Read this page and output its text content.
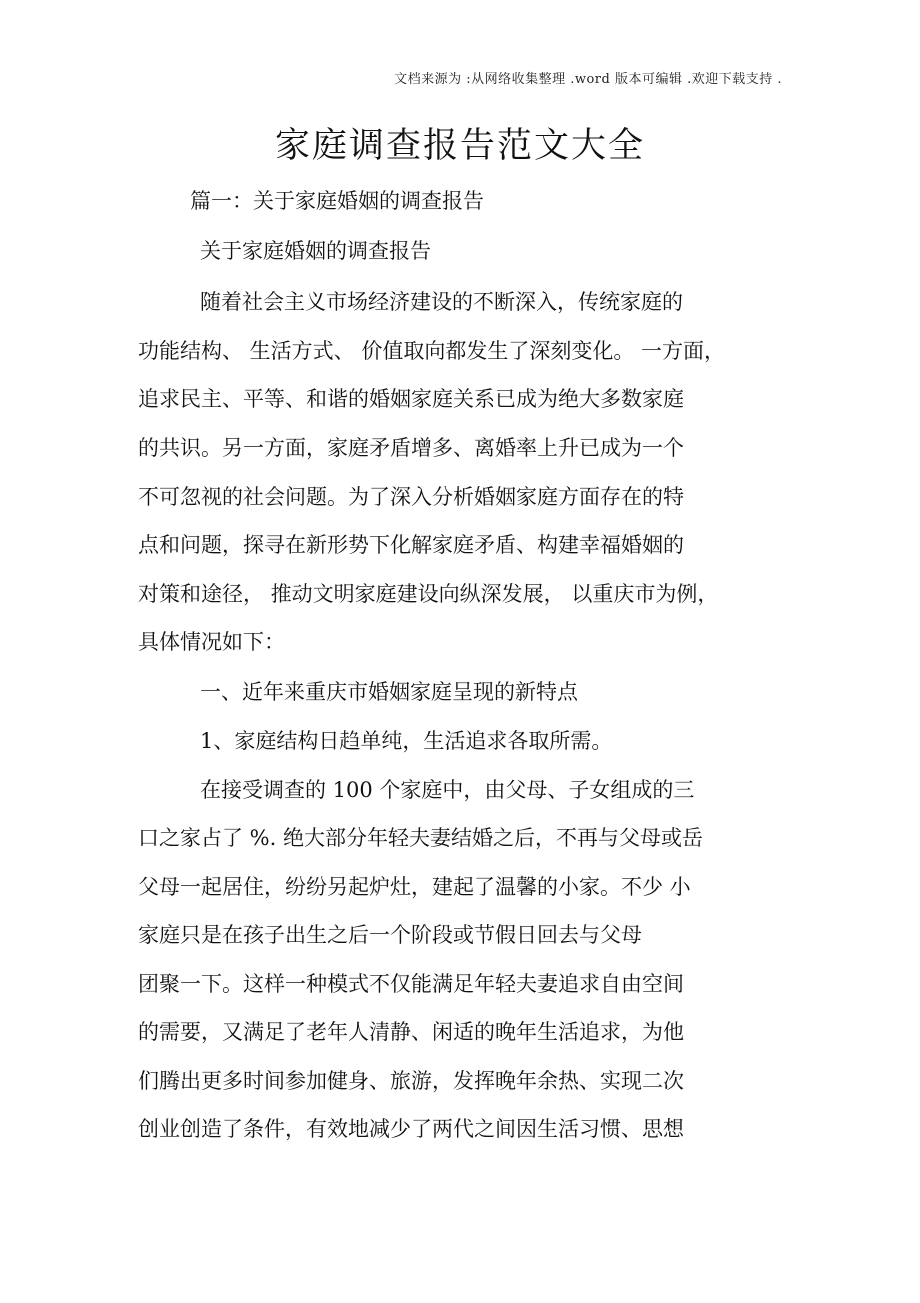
文档来源为 :从网络收集整理 .word 版本可编辑 .欢迎下载支持 .
家庭调查报告范文大全
篇一：关于家庭婚姻的调查报告
关于家庭婚姻的调查报告
随着社会主义市场经济建设的不断深入，传统家庭的
功能结构、 生活方式、 价值取向都发生了深刻变化。 一方面，
追求民主、平等、和谐的婚姻家庭关系已成为绝大多数家庭
的共识。另一方面，家庭矛盾增多、离婚率上升已成为一个
不可忽视的社会问题。为了深入分析婚姻家庭方面存在的特
点和问题，探寻在新形势下化解家庭矛盾、构建幸福婚姻的
对策和途径， 推动文明家庭建设向纵深发展， 以重庆市为例，
具体情况如下：
一、近年来重庆市婚姻家庭呈现的新特点
1、家庭结构日趋单纯，生活追求各取所需。
在接受调查的 100 个家庭中，由父母、子女组成的三
口之家占了 %. 绝大部分年轻夫妻结婚之后，不再与父母或岳
父母一起居住，纷纷另起炉灶，建起了温馨的小家。不少 小
家庭只是在孩子出生之后一个阶段或节假日回去与父母
团聚一下。这样一种模式不仅能满足年轻夫妻追求自由空间
的需要，又满足了老年人清静、闲适的晚年生活追求，为他
们腾出更多时间参加健身、旅游，发挥晚年余热、实现二次
创业创造了条件，有效地减少了两代之间因生活习惯、思想
